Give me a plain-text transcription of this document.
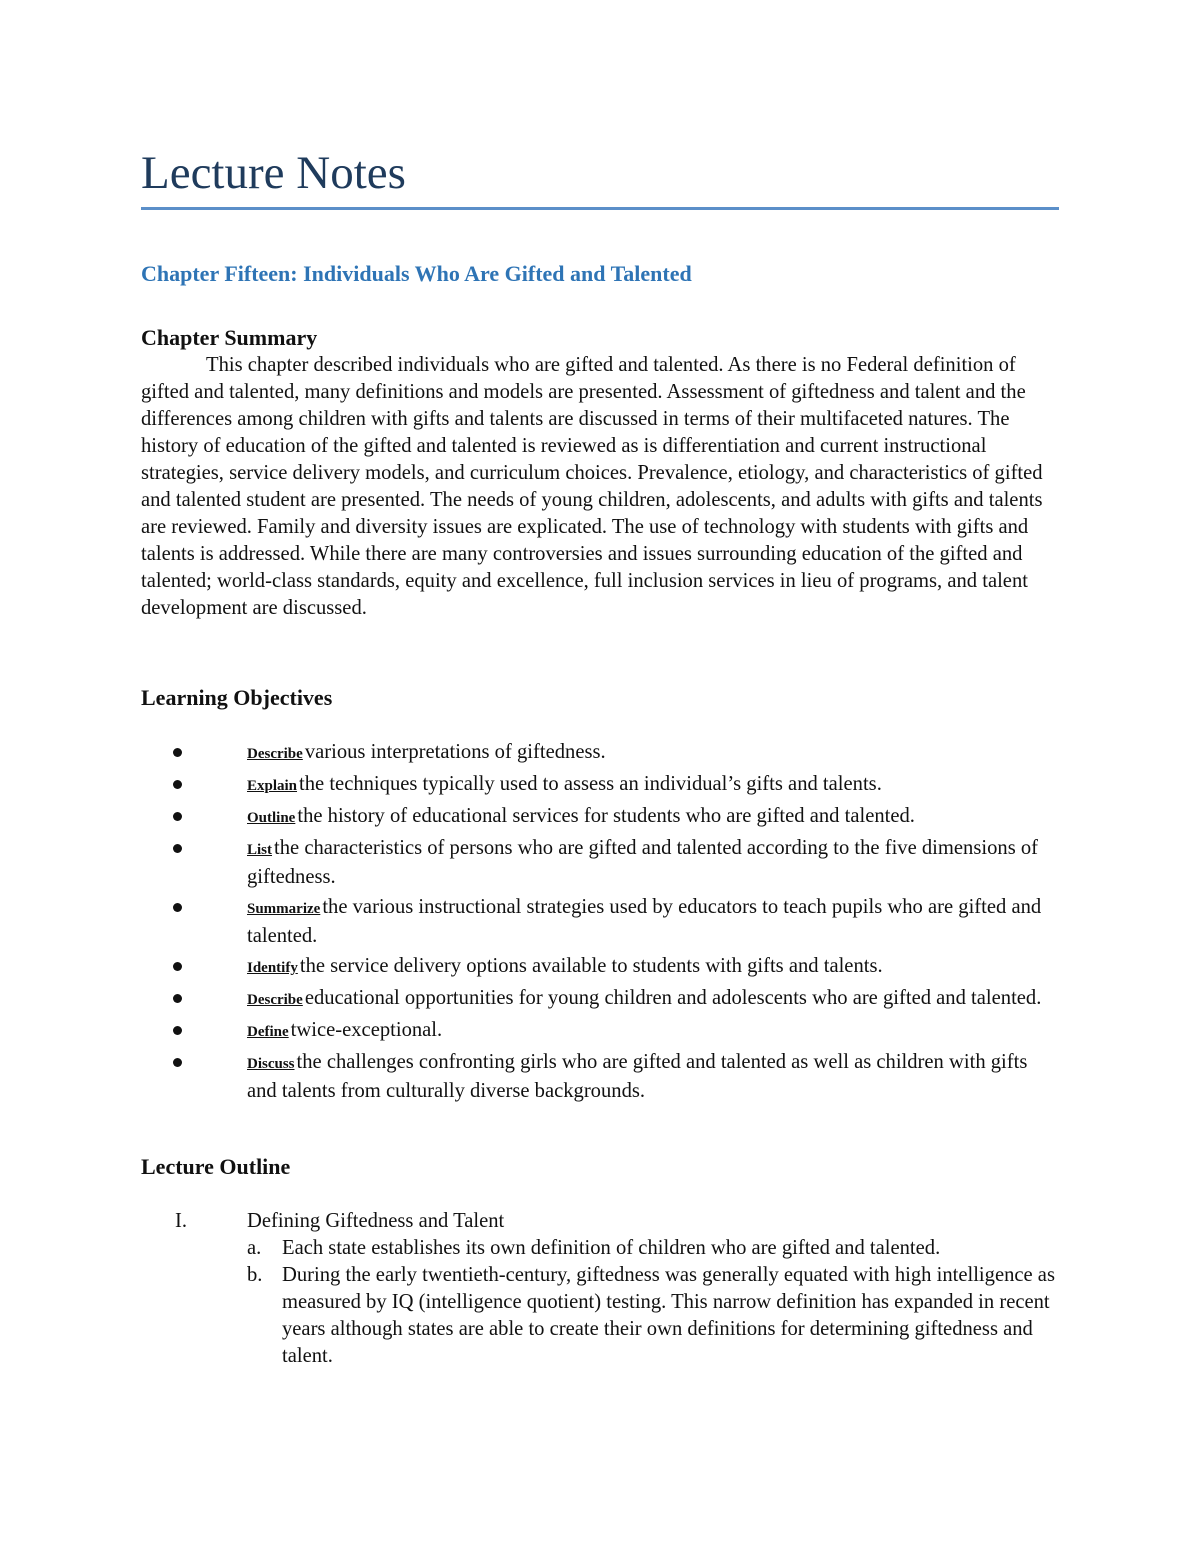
Lecture Notes
Chapter Fifteen: Individuals Who Are Gifted and Talented
Chapter Summary

This chapter described individuals who are gifted and talented. As there is no Federal definition of gifted and talented, many definitions and models are presented. Assessment of giftedness and talent and the differences among children with gifts and talents are discussed in terms of their multifaceted natures. The history of education of the gifted and talented is reviewed as is differentiation and current instructional strategies, service delivery models, and curriculum choices. Prevalence, etiology, and characteristics of gifted and talented student are presented. The needs of young children, adolescents, and adults with gifts and talents are reviewed. Family and diversity issues are explicated. The use of technology with students with gifts and talents is addressed. While there are many controversies and issues surrounding education of the gifted and talented; world-class standards, equity and excellence, full inclusion services in lieu of programs, and talent development are discussed.

Learning Objectives
Describevarious interpretations of giftedness.
Explainthe techniques typically used to assess an individual’s gifts and talents.
Outlinethe history of educational services for students who are gifted and talented.
Listthe characteristics of persons who are gifted and talented according to the five dimensions of giftedness.
Summarizethe various instructional strategies used by educators to teach pupils who are gifted and talented.
Identifythe service delivery options available to students with gifts and talents.
Describeeducational opportunities for young children and adolescents who are gifted and talented.
Definetwice-exceptional.
Discussthe challenges confronting girls who are gifted and talented as well as children with gifts and talents from culturally diverse backgrounds.
Lecture Outline
I.	Defining Giftedness and Talent
a. Each state establishes its own definition of children who are gifted and talented.
b. During the early twentieth-century, giftedness was generally equated with high intelligence as measured by IQ (intelligence quotient) testing. This narrow definition has expanded in recent years although states are able to create their own definitions for determining giftedness and talent.
